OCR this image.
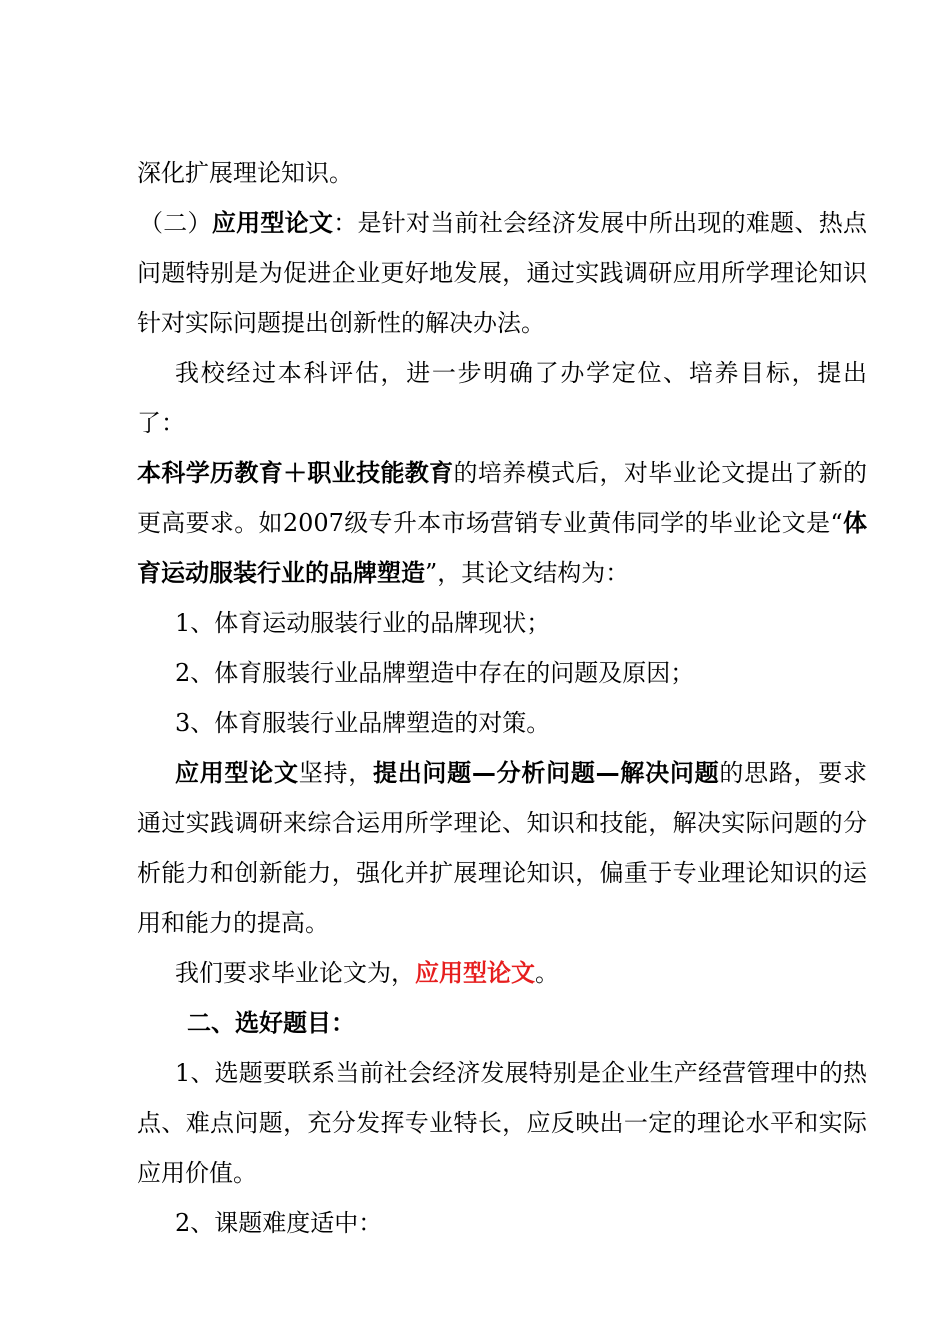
深化扩展理论知识。

（二）应用型论文：是针对当前社会经济发展中所出现的难题、热点问题特别是为促进企业更好地发展，通过实践调研应用所学理论知识针对实际问题提出创新性的解决办法。

我校经过本科评估，进一步明确了办学定位、培养目标，提出了：

本科学历教育＋职业技能教育的培养模式后，对毕业论文提出了新的更高要求。如2007级专升本市场营销专业黄伟同学的毕业论文是“体育运动服装行业的品牌塑造”，其论文结构为：

1、体育运动服装行业的品牌现状；

2、体育服装行业品牌塑造中存在的问题及原因；

3、体育服装行业品牌塑造的对策。

应用型论文坚持，提出问题—分析问题—解决问题的思路，要求通过实践调研来综合运用所学理论、知识和技能，解决实际问题的分析能力和创新能力，强化并扩展理论知识，偏重于专业理论知识的运用和能力的提高。

我们要求毕业论文为，应用型论文。

二、选好题目：

1、选题要联系当前社会经济发展特别是企业生产经营管理中的热点、难点问题，充分发挥专业特长，应反映出一定的理论水平和实际应用价值。

2、课题难度适中：
